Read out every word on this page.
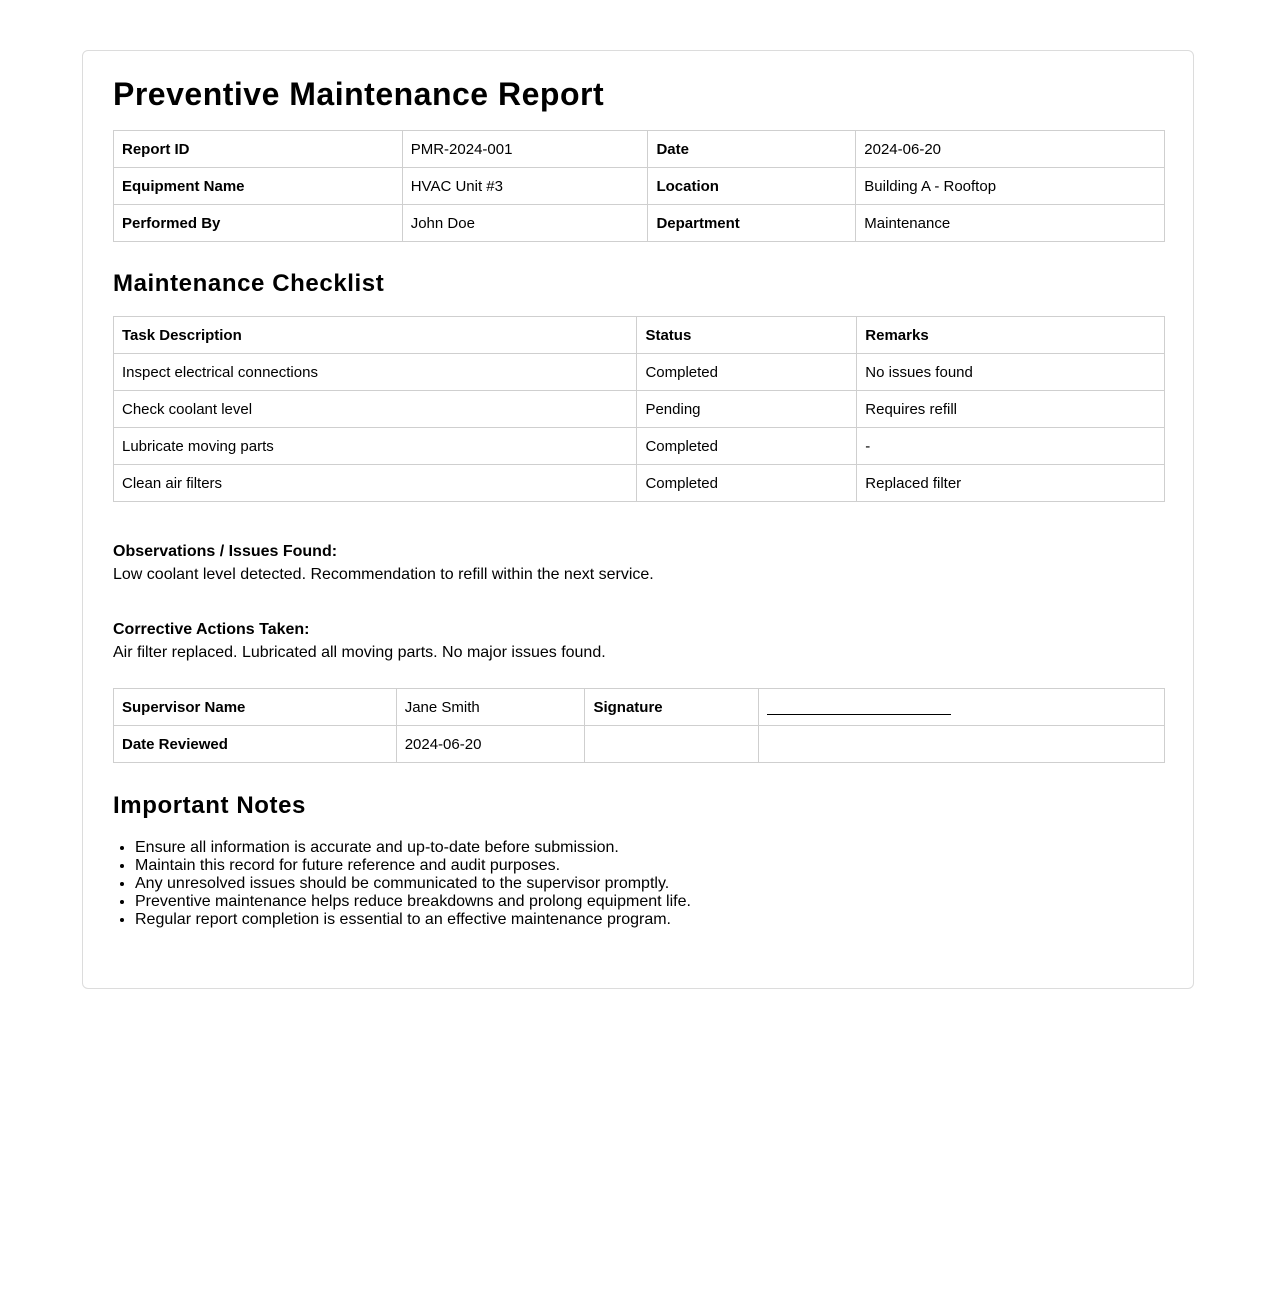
Preventive Maintenance Report
Report ID	PMR-2024-001	Date	2024-06-20
Equipment Name	HVAC Unit #3	Location	Building A - Rooftop
Performed By	John Doe	Department	Maintenance
Maintenance Checklist
Task Description	Status	Remarks
Inspect electrical connections	Completed	No issues found
Check coolant level	Pending	Requires refill
Lubricate moving parts	Completed	-
Clean air filters	Completed	Replaced filter
Observations / Issues Found:
Low coolant level detected. Recommendation to refill within the next service.
Corrective Actions Taken:
Air filter replaced. Lubricated all moving parts. No major issues found.
Supervisor Name	Jane Smith	Signature	
Date Reviewed	2024-06-20		
Important Notes
• Ensure all information is accurate and up-to-date before submission.
• Maintain this record for future reference and audit purposes.
• Any unresolved issues should be communicated to the supervisor promptly.
• Preventive maintenance helps reduce breakdowns and prolong equipment life.
• Regular report completion is essential to an effective maintenance program.
